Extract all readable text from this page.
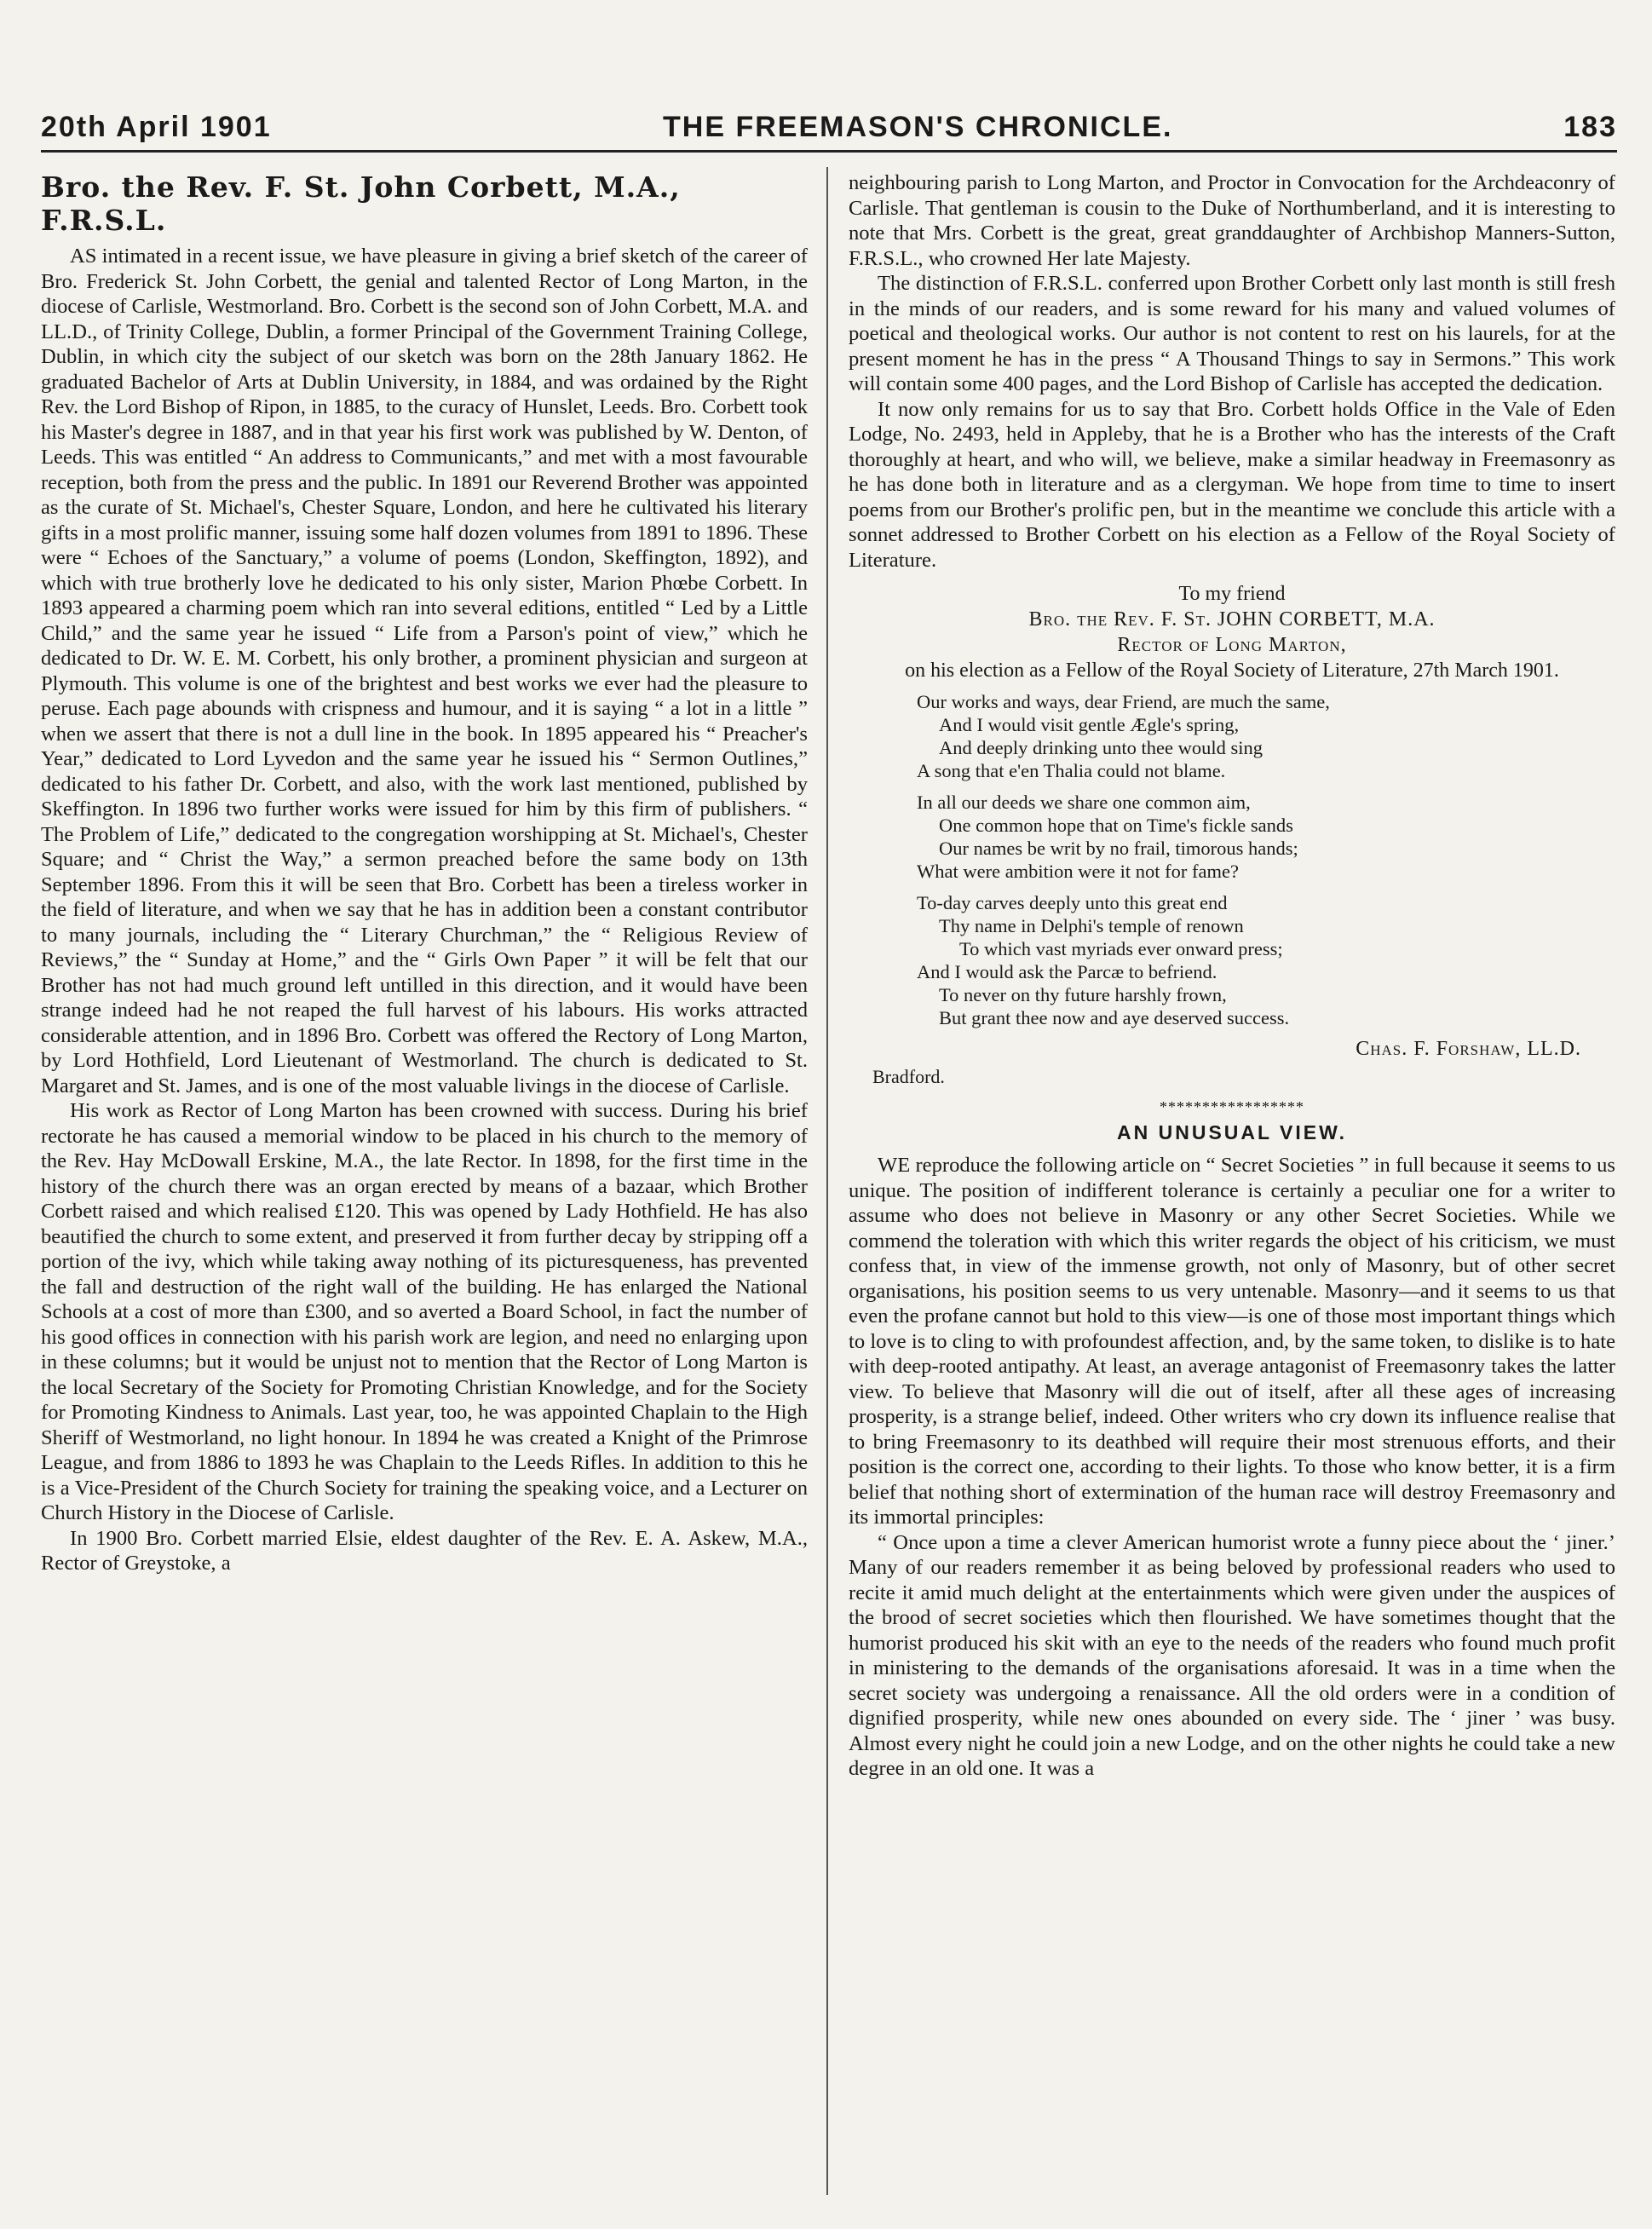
20th April 1901	THE FREEMASON'S CHRONICLE.	183
Bro. the Rev. F. St. John Corbett, M.A., F.R.S.L.

AS intimated in a recent issue, we have pleasure in giving a brief sketch of the career of Bro. Frederick St. John Corbett, the genial and talented Rector of Long Marton, in the diocese of Carlisle, Westmorland. Bro. Corbett is the second son of John Corbett, M.A. and LL.D., of Trinity College, Dublin, a former Principal of the Government Training College, Dublin, in which city the subject of our sketch was born on the 28th January 1862. He graduated Bachelor of Arts at Dublin University, in 1884, and was ordained by the Right Rev. the Lord Bishop of Ripon, in 1885, to the curacy of Hunslet, Leeds. Bro. Corbett took his Master's degree in 1887, and in that year his first work was published by W. Denton, of Leeds. This was entitled “ An address to Communicants,” and met with a most favourable reception, both from the press and the public. In 1891 our Reverend Brother was appointed as the curate of St. Michael's, Chester Square, London, and here he cultivated his literary gifts in a most prolific manner, issuing some half dozen volumes from 1891 to 1896. These were “ Echoes of the Sanctuary,” a volume of poems (London, Skeffington, 1892), and which with true brotherly love he dedicated to his only sister, Marion Phœbe Corbett. In 1893 appeared a charming poem which ran into several editions, entitled “ Led by a Little Child,” and the same year he issued “ Life from a Parson's point of view,” which he dedicated to Dr. W. E. M. Corbett, his only brother, a prominent physician and surgeon at Plymouth. This volume is one of the brightest and best works we ever had the pleasure to peruse. Each page abounds with crispness and humour, and it is saying “ a lot in a little ” when we assert that there is not a dull line in the book. In 1895 appeared his “ Preacher's Year,” dedicated to Lord Lyvedon and the same year he issued his “ Sermon Outlines,” dedicated to his father Dr. Corbett, and also, with the work last mentioned, published by Skeffington. In 1896 two further works were issued for him by this firm of publishers. “ The Problem of Life,” dedicated to the congregation worshipping at St. Michael's, Chester Square; and “ Christ the Way,” a sermon preached before the same body on 13th September 1896. From this it will be seen that Bro. Corbett has been a tireless worker in the field of literature, and when we say that he has in addition been a constant contributor to many journals, including the “ Literary Churchman,” the “ Religious Review of Reviews,” the “ Sunday at Home,” and the “ Girls Own Paper ” it will be felt that our Brother has not had much ground left untilled in this direction, and it would have been strange indeed had he not reaped the full harvest of his labours. His works attracted considerable attention, and in 1896 Bro. Corbett was offered the Rectory of Long Marton, by Lord Hothfield, Lord Lieutenant of Westmorland. The church is dedicated to St. Margaret and St. James, and is one of the most valuable livings in the diocese of Carlisle.

His work as Rector of Long Marton has been crowned with success. During his brief rectorate he has caused a memorial window to be placed in his church to the memory of the Rev. Hay McDowall Erskine, M.A., the late Rector. In 1898, for the first time in the history of the church there was an organ erected by means of a bazaar, which Brother Corbett raised and which realised £120. This was opened by Lady Hothfield. He has also beautified the church to some extent, and preserved it from further decay by stripping off a portion of the ivy, which while taking away nothing of its picturesqueness, has prevented the fall and destruction of the right wall of the building. He has enlarged the National Schools at a cost of more than £300, and so averted a Board School, in fact the number of his good offices in connection with his parish work are legion, and need no enlarging upon in these columns; but it would be unjust not to mention that the Rector of Long Marton is the local Secretary of the Society for Promoting Christian Knowledge, and for the Society for Promoting Kindness to Animals. Last year, too, he was appointed Chaplain to the High Sheriff of Westmorland, no light honour. In 1894 he was created a Knight of the Primrose League, and from 1886 to 1893 he was Chaplain to the Leeds Rifles. In addition to this he is a Vice-President of the Church Society for training the speaking voice, and a Lecturer on Church History in the Diocese of Carlisle.

In 1900 Bro. Corbett married Elsie, eldest daughter of the Rev. E. A. Askew, M.A., Rector of Greystoke, a

neighbouring parish to Long Marton, and Proctor in Convocation for the Archdeaconry of Carlisle. That gentleman is cousin to the Duke of Northumberland, and it is interesting to note that Mrs. Corbett is the great, great granddaughter of Archbishop Manners-Sutton, F.R.S.L., who crowned Her late Majesty.

The distinction of F.R.S.L. conferred upon Brother Corbett only last month is still fresh in the minds of our readers, and is some reward for his many and valued volumes of poetical and theological works. Our author is not content to rest on his laurels, for at the present moment he has in the press “ A Thousand Things to say in Sermons.” This work will contain some 400 pages, and the Lord Bishop of Carlisle has accepted the dedication.

It now only remains for us to say that Bro. Corbett holds Office in the Vale of Eden Lodge, No. 2493, held in Appleby, that he is a Brother who has the interests of the Craft thoroughly at heart, and who will, we believe, make a similar headway in Freemasonry as he has done both in literature and as a clergyman. We hope from time to time to insert poems from our Brother's prolific pen, but in the meantime we conclude this article with a sonnet addressed to Brother Corbett on his election as a Fellow of the Royal Society of Literature.

To my friend
Bro. the Rev. F. St. JOHN CORBETT, M.A.
Rector of Long Marton,
on his election as a Fellow of the Royal Society of Literature, 27th March 1901.
Our works and ways, dear Friend, are much the same,
And I would visit gentle Ægle's spring,
And deeply drinking unto thee would sing
A song that e'en Thalia could not blame.
In all our deeds we share one common aim,
One common hope that on Time's fickle sands
Our names be writ by no frail, timorous hands;
What were ambition were it not for fame?
To-day carves deeply unto this great end
Thy name in Delphi's temple of renown
To which vast myriads ever onward press;
And I would ask the Parcæ to befriend.
To never on thy future harshly frown,
But grant thee now and aye deserved success.
Chas. F. Forshaw, LL.D.
Bradford.
*****************
AN UNUSUAL VIEW.

WE reproduce the following article on “ Secret Societies ” in full because it seems to us unique. The position of indifferent tolerance is certainly a peculiar one for a writer to assume who does not believe in Masonry or any other Secret Societies. While we commend the toleration with which this writer regards the object of his criticism, we must confess that, in view of the immense growth, not only of Masonry, but of other secret organisations, his position seems to us very untenable. Masonry—and it seems to us that even the profane cannot but hold to this view—is one of those most important things which to love is to cling to with profoundest affection, and, by the same token, to dislike is to hate with deep-rooted antipathy. At least, an average antagonist of Freemasonry takes the latter view. To believe that Masonry will die out of itself, after all these ages of increasing prosperity, is a strange belief, indeed. Other writers who cry down its influence realise that to bring Freemasonry to its deathbed will require their most strenuous efforts, and their position is the correct one, according to their lights. To those who know better, it is a firm belief that nothing short of extermination of the human race will destroy Freemasonry and its immortal principles:

“ Once upon a time a clever American humorist wrote a funny piece about the ‘ jiner.’ Many of our readers remember it as being beloved by professional readers who used to recite it amid much delight at the entertainments which were given under the auspices of the brood of secret societies which then flourished. We have sometimes thought that the humorist produced his skit with an eye to the needs of the readers who found much profit in ministering to the demands of the organisations aforesaid. It was in a time when the secret society was undergoing a renaissance. All the old orders were in a condition of dignified prosperity, while new ones abounded on every side. The ‘ jiner ’ was busy. Almost every night he could join a new Lodge, and on the other nights he could take a new degree in an old one. It was a
